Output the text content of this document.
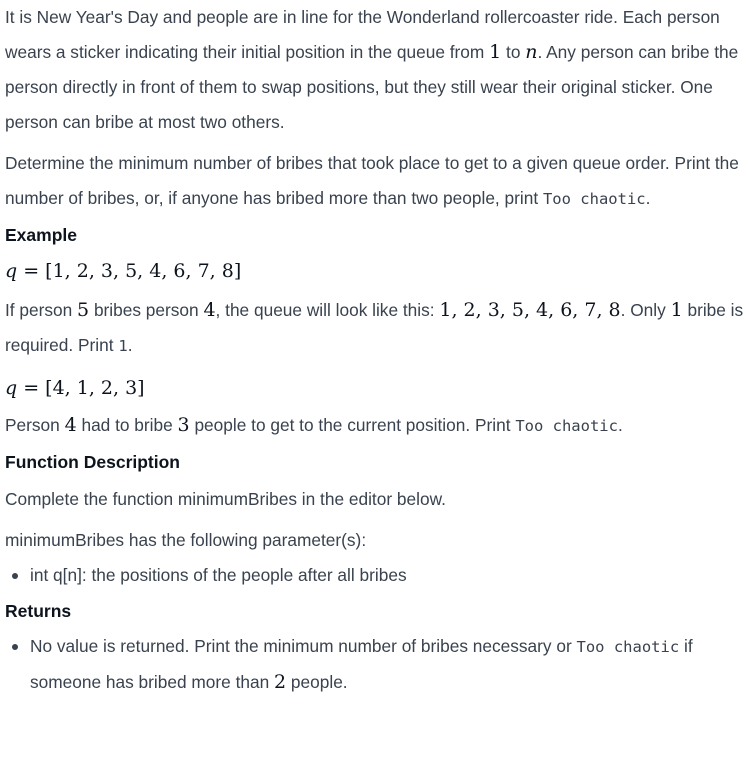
It is New Year's Day and people are in line for the Wonderland rollercoaster ride. Each person wears a sticker indicating their initial position in the queue from 1 to n. Any person can bribe the person directly in front of them to swap positions, but they still wear their original sticker. One person can bribe at most two others.

Determine the minimum number of bribes that took place to get to a given queue order. Print the number of bribes, or, if anyone has bribed more than two people, print Too chaotic.

Example

q = [1, 2, 3, 5, 4, 6, 7, 8]

If person 5 bribes person 4, the queue will look like this: 1, 2, 3, 5, 4, 6, 7, 8. Only 1 bribe is required. Print 1.

q = [4, 1, 2, 3]

Person 4 had to bribe 3 people to get to the current position. Print Too chaotic.

Function Description

Complete the function minimumBribes in the editor below.

minimumBribes has the following parameter(s):

int q[n]: the positions of the people after all bribes
Returns
No value is returned. Print the minimum number of bribes necessary or Too chaotic if someone has bribed more than 2 people.
